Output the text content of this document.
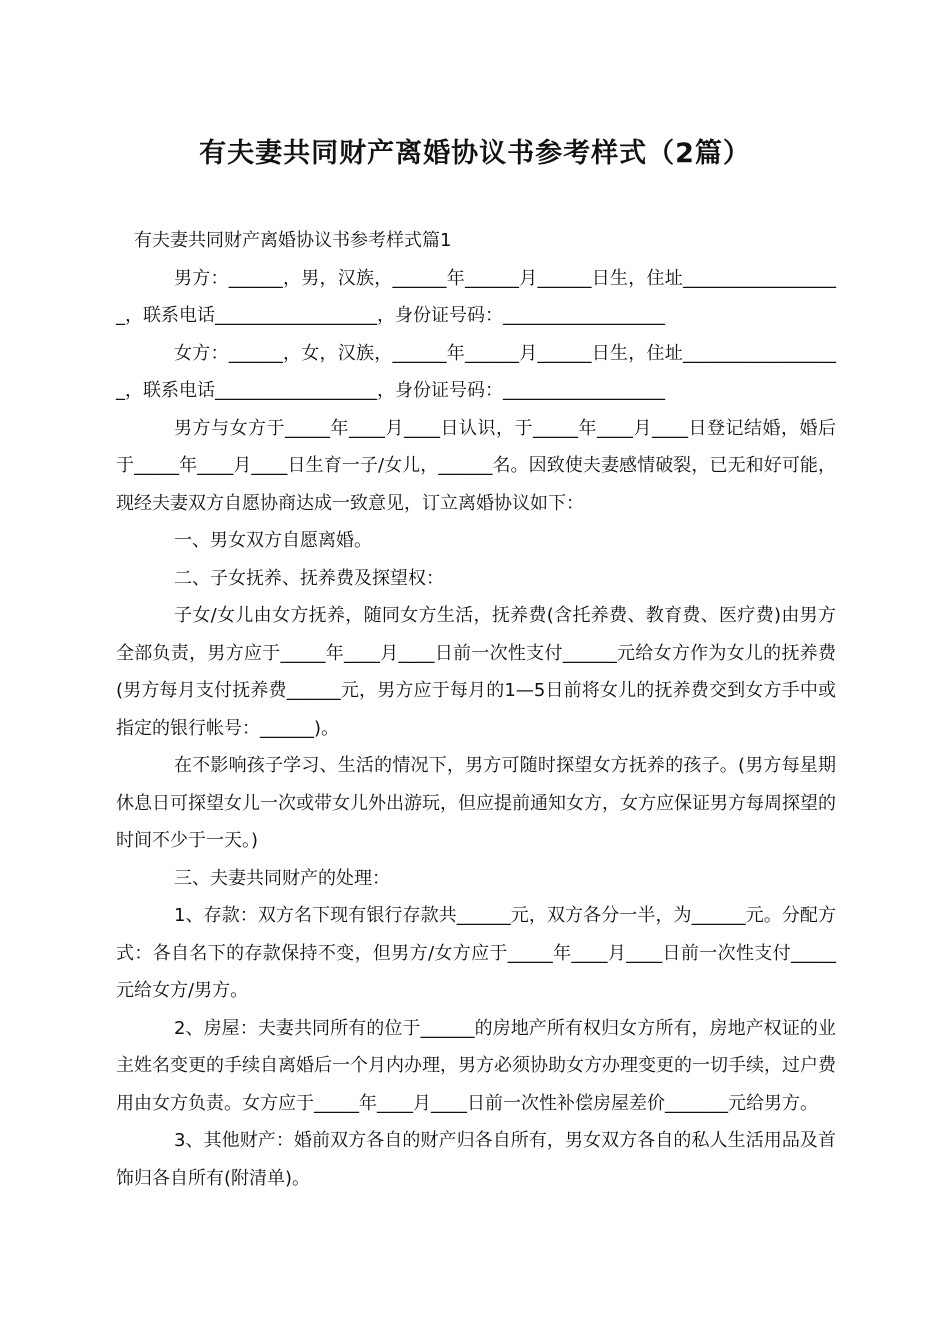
有夫妻共同财产离婚协议书参考样式（2篇）

有夫妻共同财产离婚协议书参考样式篇1

男方：______，男，汉族，______年______月______日生，住址_____________​_____，联系电话__________________，身份证号码：__________________

女方：______，女，汉族，______年______月______日生，住址_____________​_____，联系电话__________________，身份证号码：__________________

男方与女方于_____年____月____日认识，于_____年____月____日登记结婚，婚后于_____年____月____日生育一子/女儿，______名。因致使夫妻感情破裂，已无和好可能，现经夫妻双方自愿协商达成一致意见，订立离婚协议如下：

一、男女双方自愿离婚。

二、子女抚养、抚养费及探望权：

子女/女儿由女方抚养，随同女方生活，抚养费(含托养费、教育费、医疗费)由男方全部负责，男方应于_____年____月____日前一次性支付______元给女方作为女儿的抚养费(男方每月支付抚养费______元，男方应于每月的1—5日前将女儿的抚养费交到女方手中或指定的银行帐号：______)。

在不影响孩子学习、生活的情况下，男方可随时探望女方抚养的孩子。(男方每星期休息日可探望女儿一次或带女儿外出游玩，但应提前通知女方，女方应保证男方每周探望的时间不少于一天。)

三、夫妻共同财产的处理：

1、存款：双方名下现有银行存款共______元，双方各分一半，为______元。分配方式：各自名下的存款保持不变，但男方/女方应于_____年____月____日前一次性支付_____元给女方/男方。

2、房屋：夫妻共同所有的位于______的房地产所有权归女方所有，房地产权证的业主姓名变更的手续自离婚后一个月内办理，男方必须协助女方办理变更的一切手续，过户费用由女方负责。女方应于_____年____月____日前一次性补偿房屋差价_____​__元给男方。

3、其他财产：婚前双方各自的财产归各自所有，男女双方各自的私人生活用品及首饰归各自所有(附清单)。
